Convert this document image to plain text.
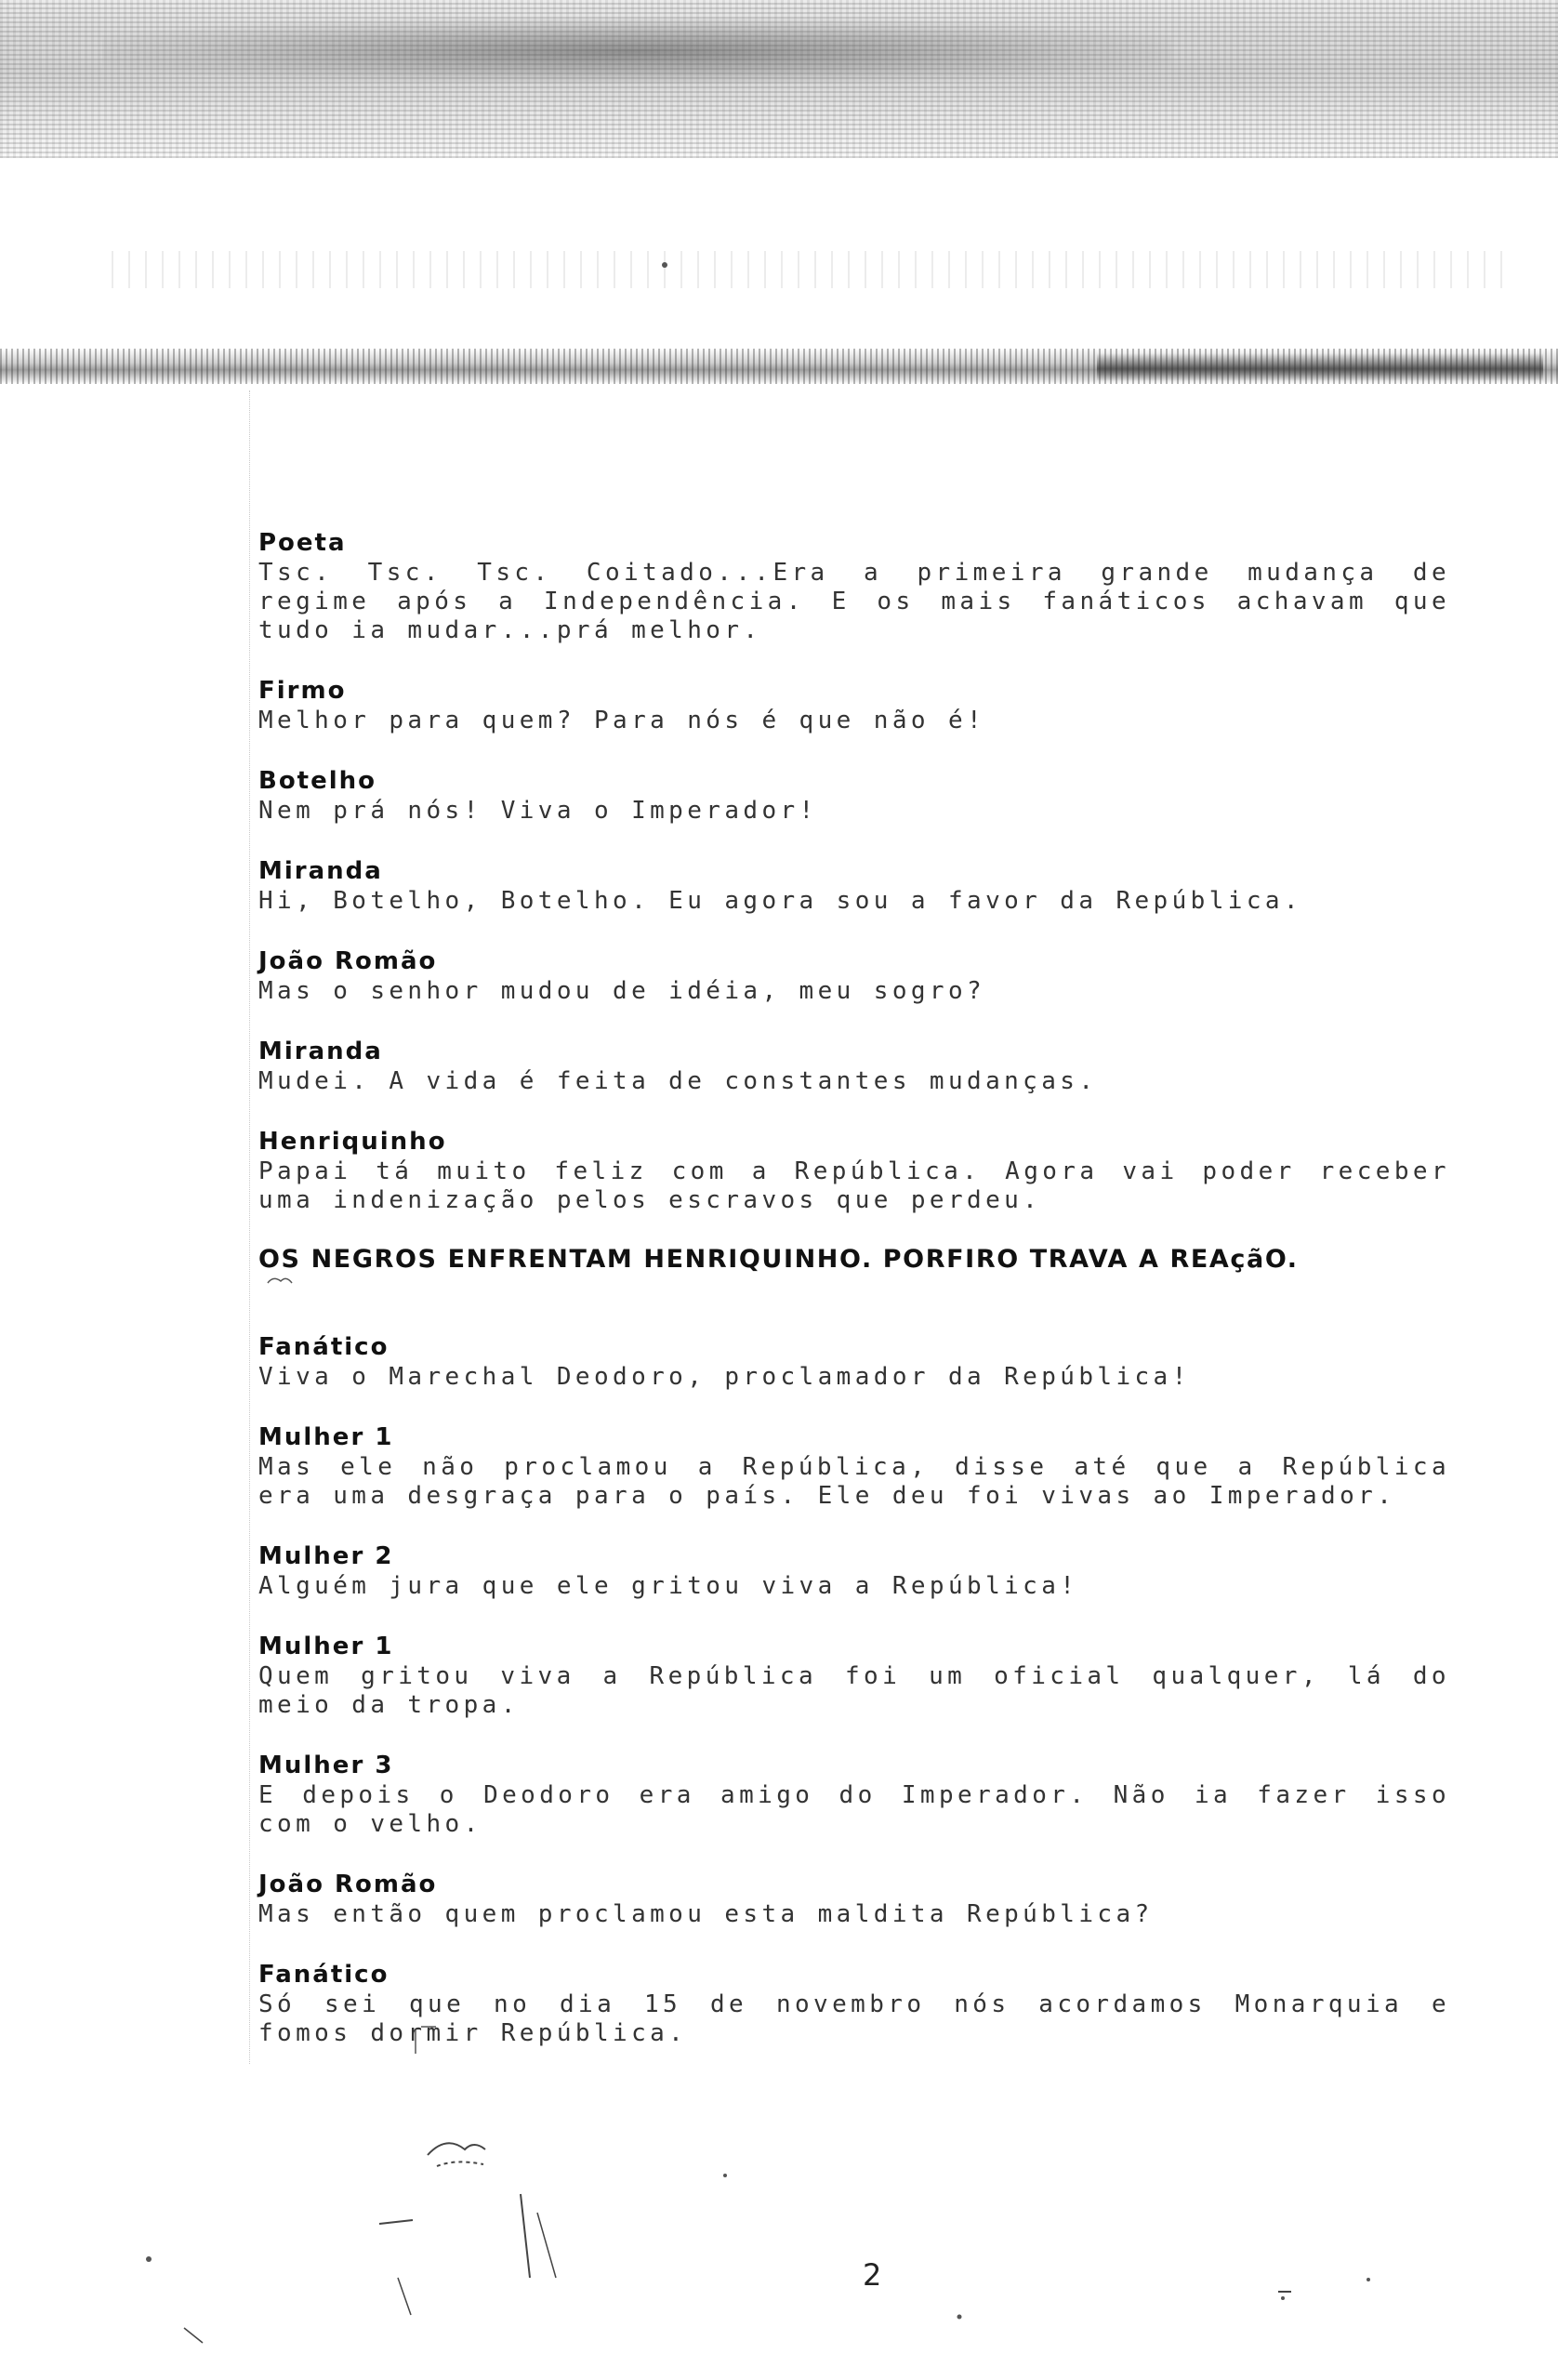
Poeta
Tsc. Tsc. Tsc. Coitado...Era a primeira grande mudança de regime após a Independência. E os mais fanáticos achavam que tudo ia mudar...prá melhor.
Firmo
Melhor para quem? Para nós é que não é!
Botelho
Nem prá nós! Viva o Imperador!
Miranda
Hi, Botelho, Botelho. Eu agora sou a favor da República.
João Romão
Mas o senhor mudou de idéia, meu sogro?
Miranda
Mudei. A vida é feita de constantes mudanças.
Henriquinho
Papai tá muito feliz com a República. Agora vai poder receber uma indenização pelos escravos que perdeu.
OS NEGROS ENFRENTAM HENRIQUINHO. PORFIRO TRAVA A REAçãO.
Fanático
Viva o Marechal Deodoro, proclamador da República!
Mulher 1
Mas ele não proclamou a República, disse até que a República era uma desgraça para o país. Ele deu foi vivas ao Imperador.
Mulher 2
Alguém jura que ele gritou viva a República!
Mulher 1
Quem gritou viva a República foi um oficial qualquer, lá do meio da tropa.
Mulher 3
E depois o Deodoro era amigo do Imperador. Não ia fazer isso com o velho.
João Romão
Mas então quem proclamou esta maldita República?
Fanático
Só sei que no dia 15 de novembro nós acordamos Monarquia e fomos dormir República.
2
